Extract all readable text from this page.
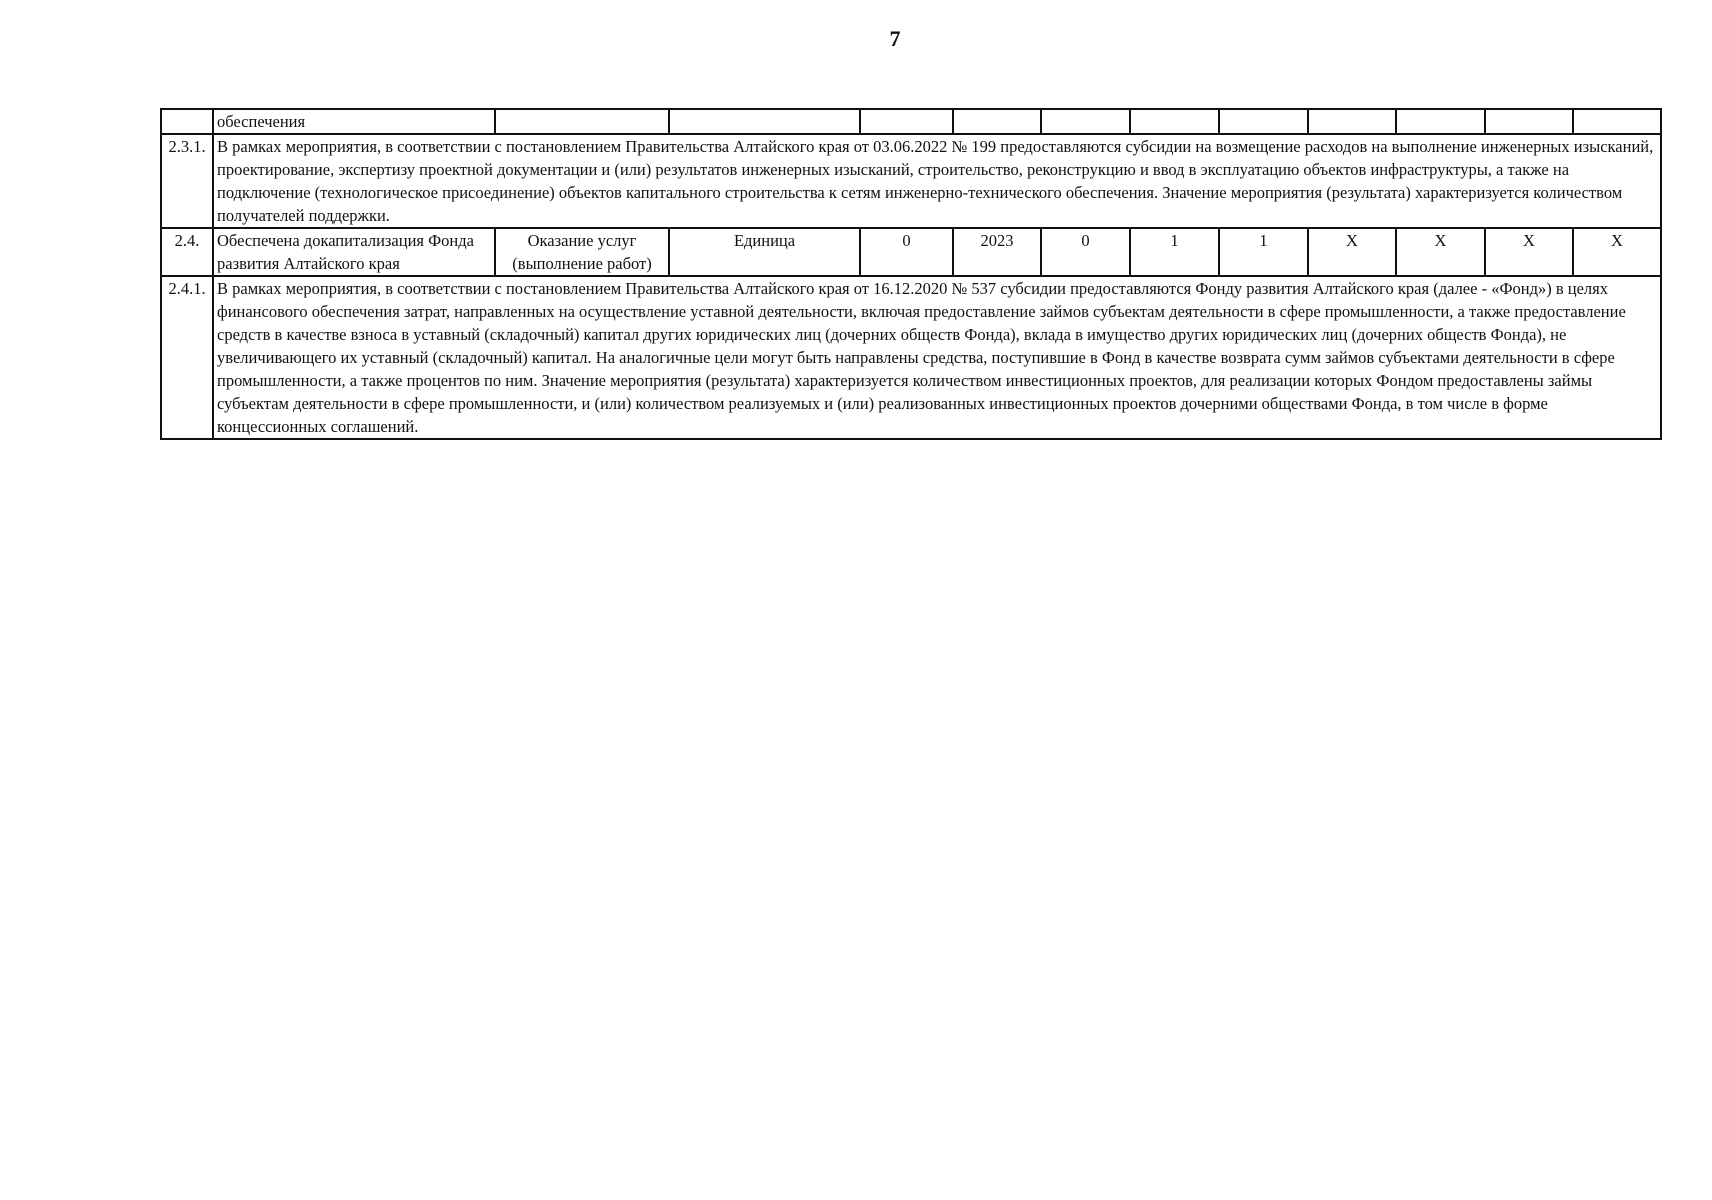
7
	обеспечения											
2.3.1.	В рамках мероприятия, в соответствии с постановлением Правительства Алтайского края от 03.06.2022 № 199 предоставляются субсидии на возмещение расходов на выполнение инженерных изысканий, проектирование, экспертизу проектной документации и (или) результатов инженерных изысканий, строительство, реконструкцию и ввод в эксплуатацию объектов инфраструктуры, а также на подключение (технологическое присоединение) объектов капитального строительства к сетям инженерно-технического обеспечения. Значение мероприятия (результата) характеризуется количеством получателей поддержки.											
2.4.	Обеспечена докапитализация Фонда развития Алтайского края	Оказание услуг (выполнение работ)	Единица	0	2023	0	1	1	Х	Х	Х	Х
2.4.1.	В рамках мероприятия, в соответствии с постановлением Правительства Алтайского края от 16.12.2020 № 537 субсидии предоставляются Фонду развития Алтайского края (далее - «Фонд») в целях финансового обеспечения затрат, направленных на осуществление уставной деятельности, включая предоставление займов субъектам деятельности в сфере промышленности, а также предоставление средств в качестве взноса в уставный (складочный) капитал других юридических лиц (дочерних обществ Фонда), вклада в имущество других юридических лиц (дочерних обществ Фонда), не увеличивающего их уставный (складочный) капитал. На аналогичные цели могут быть направлены средства, поступившие в Фонд в качестве возврата сумм займов субъектами деятельности в сфере промышленности, а также процентов по ним. Значение мероприятия (результата) характеризуется количеством инвестиционных проектов, для реализации которых Фондом предоставлены займы субъектам деятельности в сфере промышленности, и (или) количеством реализуемых и (или) реализованных инвестиционных проектов дочерними обществами Фонда, в том числе в форме концессионных соглашений.											
